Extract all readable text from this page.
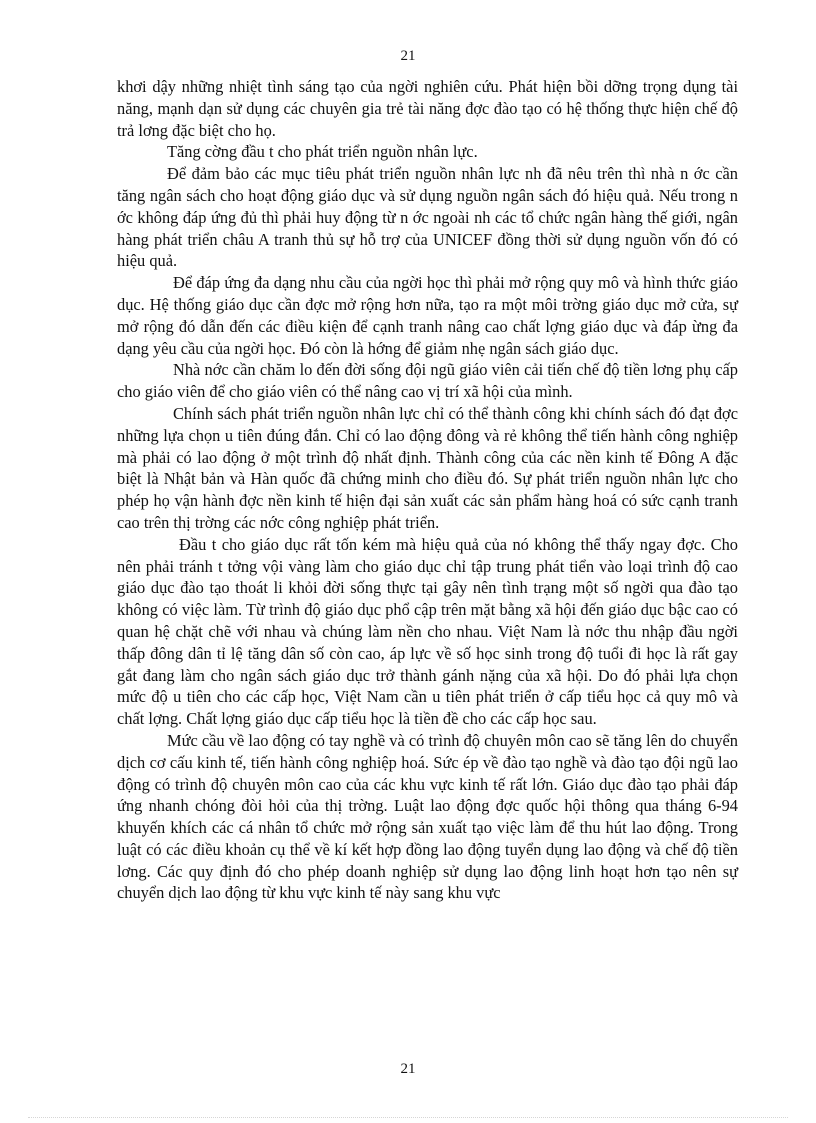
21

khơi dậy những nhiệt tình sáng tạo của ngời nghiên cứu. Phát hiện bồi dỡng trọng dụng tài năng, mạnh dạn sử dụng các chuyên gia trẻ tài năng đợc đào tạo có hệ thống thực hiện chế độ trả lơng đặc biệt cho họ.

Tăng cờng đầu t cho phát triển nguồn nhân lực.

Để đảm bảo các mục tiêu phát triển nguồn nhân lực nh đã nêu trên thì nhà n ớc cần tăng ngân sách cho hoạt động giáo dục và sử dụng nguồn ngân sách đó hiệu quả. Nếu trong n ớc không đáp ứng đủ thì phải huy động từ n ớc ngoài nh các tổ chức ngân hàng thế giới, ngân hàng phát triển châu A tranh thủ sự hỗ trợ của UNICEF đồng thời sử dụng nguồn vốn đó có hiệu quả.

Để đáp ứng đa dạng nhu cầu của ngời học thì phải mở rộng quy mô và hình thức giáo dục. Hệ thống giáo dục cần đợc mở rộng hơn nữa, tạo ra một môi trờng giáo dục mở cửa, sự mở rộng đó dẫn đến các điều kiện để cạnh tranh nâng cao chất lợng giáo dục và đáp ừng đa dạng yêu cầu của ngời học. Đó còn là hớng để giảm nhẹ ngân sách giáo dục.

Nhà nớc cần chăm lo đến đời sống đội ngũ giáo viên cải tiến chế độ tiền lơng phụ cấp cho giáo viên để cho giáo viên có thể nâng cao vị trí xã hội của mình.

Chính sách phát triển nguồn nhân lực chỉ có thể thành công khi chính sách đó đạt đợc những lựa chọn u tiên đúng đắn. Chỉ có lao động đông và rẻ không thể tiến hành công nghiệp mà phải có lao động ở một trình độ nhất định. Thành công của các nền kinh tế Đông A đặc biệt là Nhật bản và Hàn quốc đã chứng minh cho điều đó. Sự phát triển nguồn nhân lực cho phép họ vận hành đợc nền kinh tế hiện đại sản xuất các sản phẩm hàng hoá có sức cạnh tranh cao trên thị trờng các nớc công nghiệp phát triển.

Đầu t cho giáo dục rất tốn kém mà hiệu quả của nó không thể thấy ngay đợc. Cho nên phải tránh t tởng vội vàng làm cho giáo dục chỉ tập trung phát tiển vào loại trình độ cao giáo dục đào tạo thoát li khỏi đời sống thực tại gây nên tình trạng một số ngời qua đào tạo không có việc làm. Từ trình độ giáo dục phổ cập trên mặt bằng xã hội đến giáo dục bậc cao có quan hệ chặt chẽ với nhau và chúng làm nền cho nhau. Việt Nam là nớc thu nhập đầu ngời thấp đông dân tỉ lệ tăng dân số còn cao, áp lực về số học sinh trong độ tuổi đi học là rất gay gắt đang làm cho ngân sách giáo dục trở thành gánh nặng của xã hội. Do đó phải lựa chọn mức độ u tiên cho các cấp học, Việt Nam cần u tiên phát triển ở cấp tiểu học cả quy mô và chất lợng. Chất lợng giáo dục cấp tiểu học là tiền đề cho các cấp học sau.

Mức cầu về lao động có tay nghề và có trình độ chuyên môn cao sẽ tăng lên do chuyển dịch cơ cấu kinh tế, tiến hành công nghiệp hoá. Sức ép về đào tạo nghề và đào tạo đội ngũ lao động có trình độ chuyên môn cao của các khu vực kinh tế rất lớn. Giáo dục đào tạo phải đáp ứng nhanh chóng đòi hỏi của thị trờng. Luật lao động đợc quốc hội thông qua tháng 6-94 khuyến khích các cá nhân tổ chức mở rộng sản xuất tạo việc làm để thu hút lao động. Trong luật có các điều khoản cụ thể về kí kết hợp đồng lao động tuyển dụng lao động và chế độ tiền lơng. Các quy định đó cho phép doanh nghiệp sử dụng lao động linh hoạt hơn tạo nên sự chuyển dịch lao động từ khu vực kinh tế này sang khu vực

21
